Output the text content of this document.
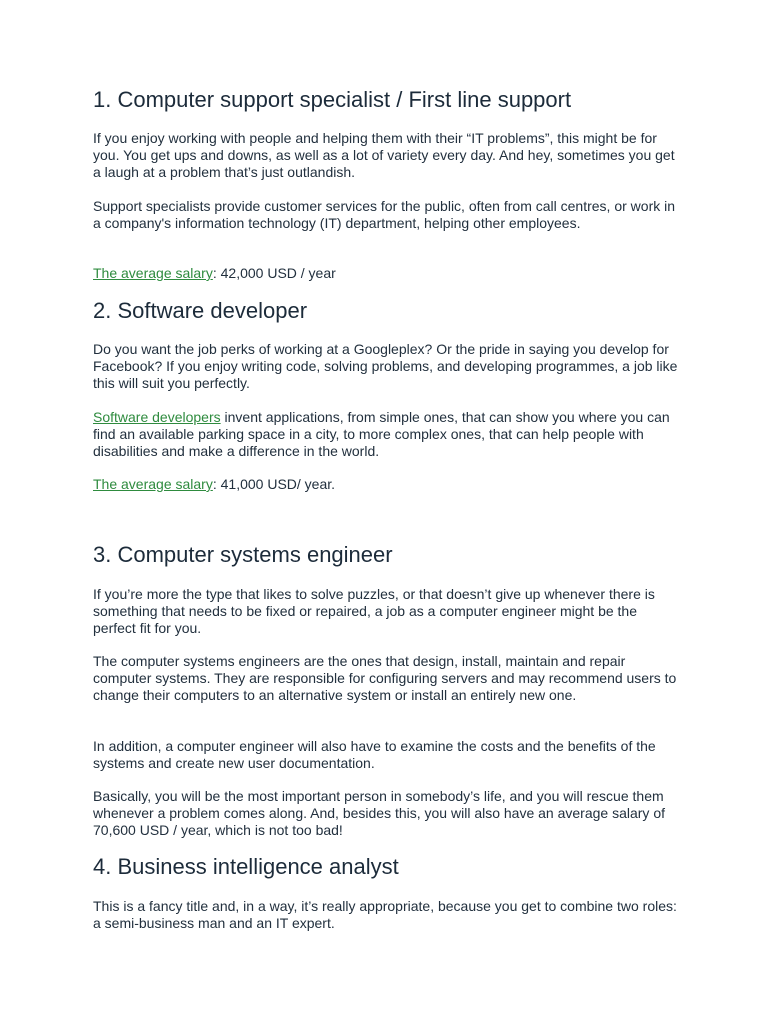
1. Computer support specialist / First line support

If you enjoy working with people and helping them with their “IT problems”, this might be for you. You get ups and downs, as well as a lot of variety every day. And hey, sometimes you get a laugh at a problem that’s just outlandish.

Support specialists provide customer services for the public, often from call centres, or work in a company's information technology (IT) department, helping other employees.

The average salary: 42,000 USD / year

2. Software developer

Do you want the job perks of working at a Googleplex? Or the pride in saying you develop for Facebook? If you enjoy writing code, solving problems, and developing programmes, a job like this will suit you perfectly.

Software developers invent applications, from simple ones, that can show you where you can find an available parking space in a city, to more complex ones, that can help people with disabilities and make a difference in the world.

The average salary: 41,000 USD/ year.

3. Computer systems engineer

If you’re more the type that likes to solve puzzles, or that doesn’t give up whenever there is something that needs to be fixed or repaired, a job as a computer engineer might be the perfect fit for you.

The computer systems engineers are the ones that design, install, maintain and repair computer systems. They are responsible for configuring servers and may recommend users to change their computers to an alternative system or install an entirely new one.

In addition, a computer engineer will also have to examine the costs and the benefits of the systems and create new user documentation.

Basically, you will be the most important person in somebody’s life, and you will rescue them whenever a problem comes along. And, besides this, you will also have an average salary of 70,600 USD / year, which is not too bad!

4. Business intelligence analyst

This is a fancy title and, in a way, it’s really appropriate, because you get to combine two roles: a semi-business man and an IT expert.
